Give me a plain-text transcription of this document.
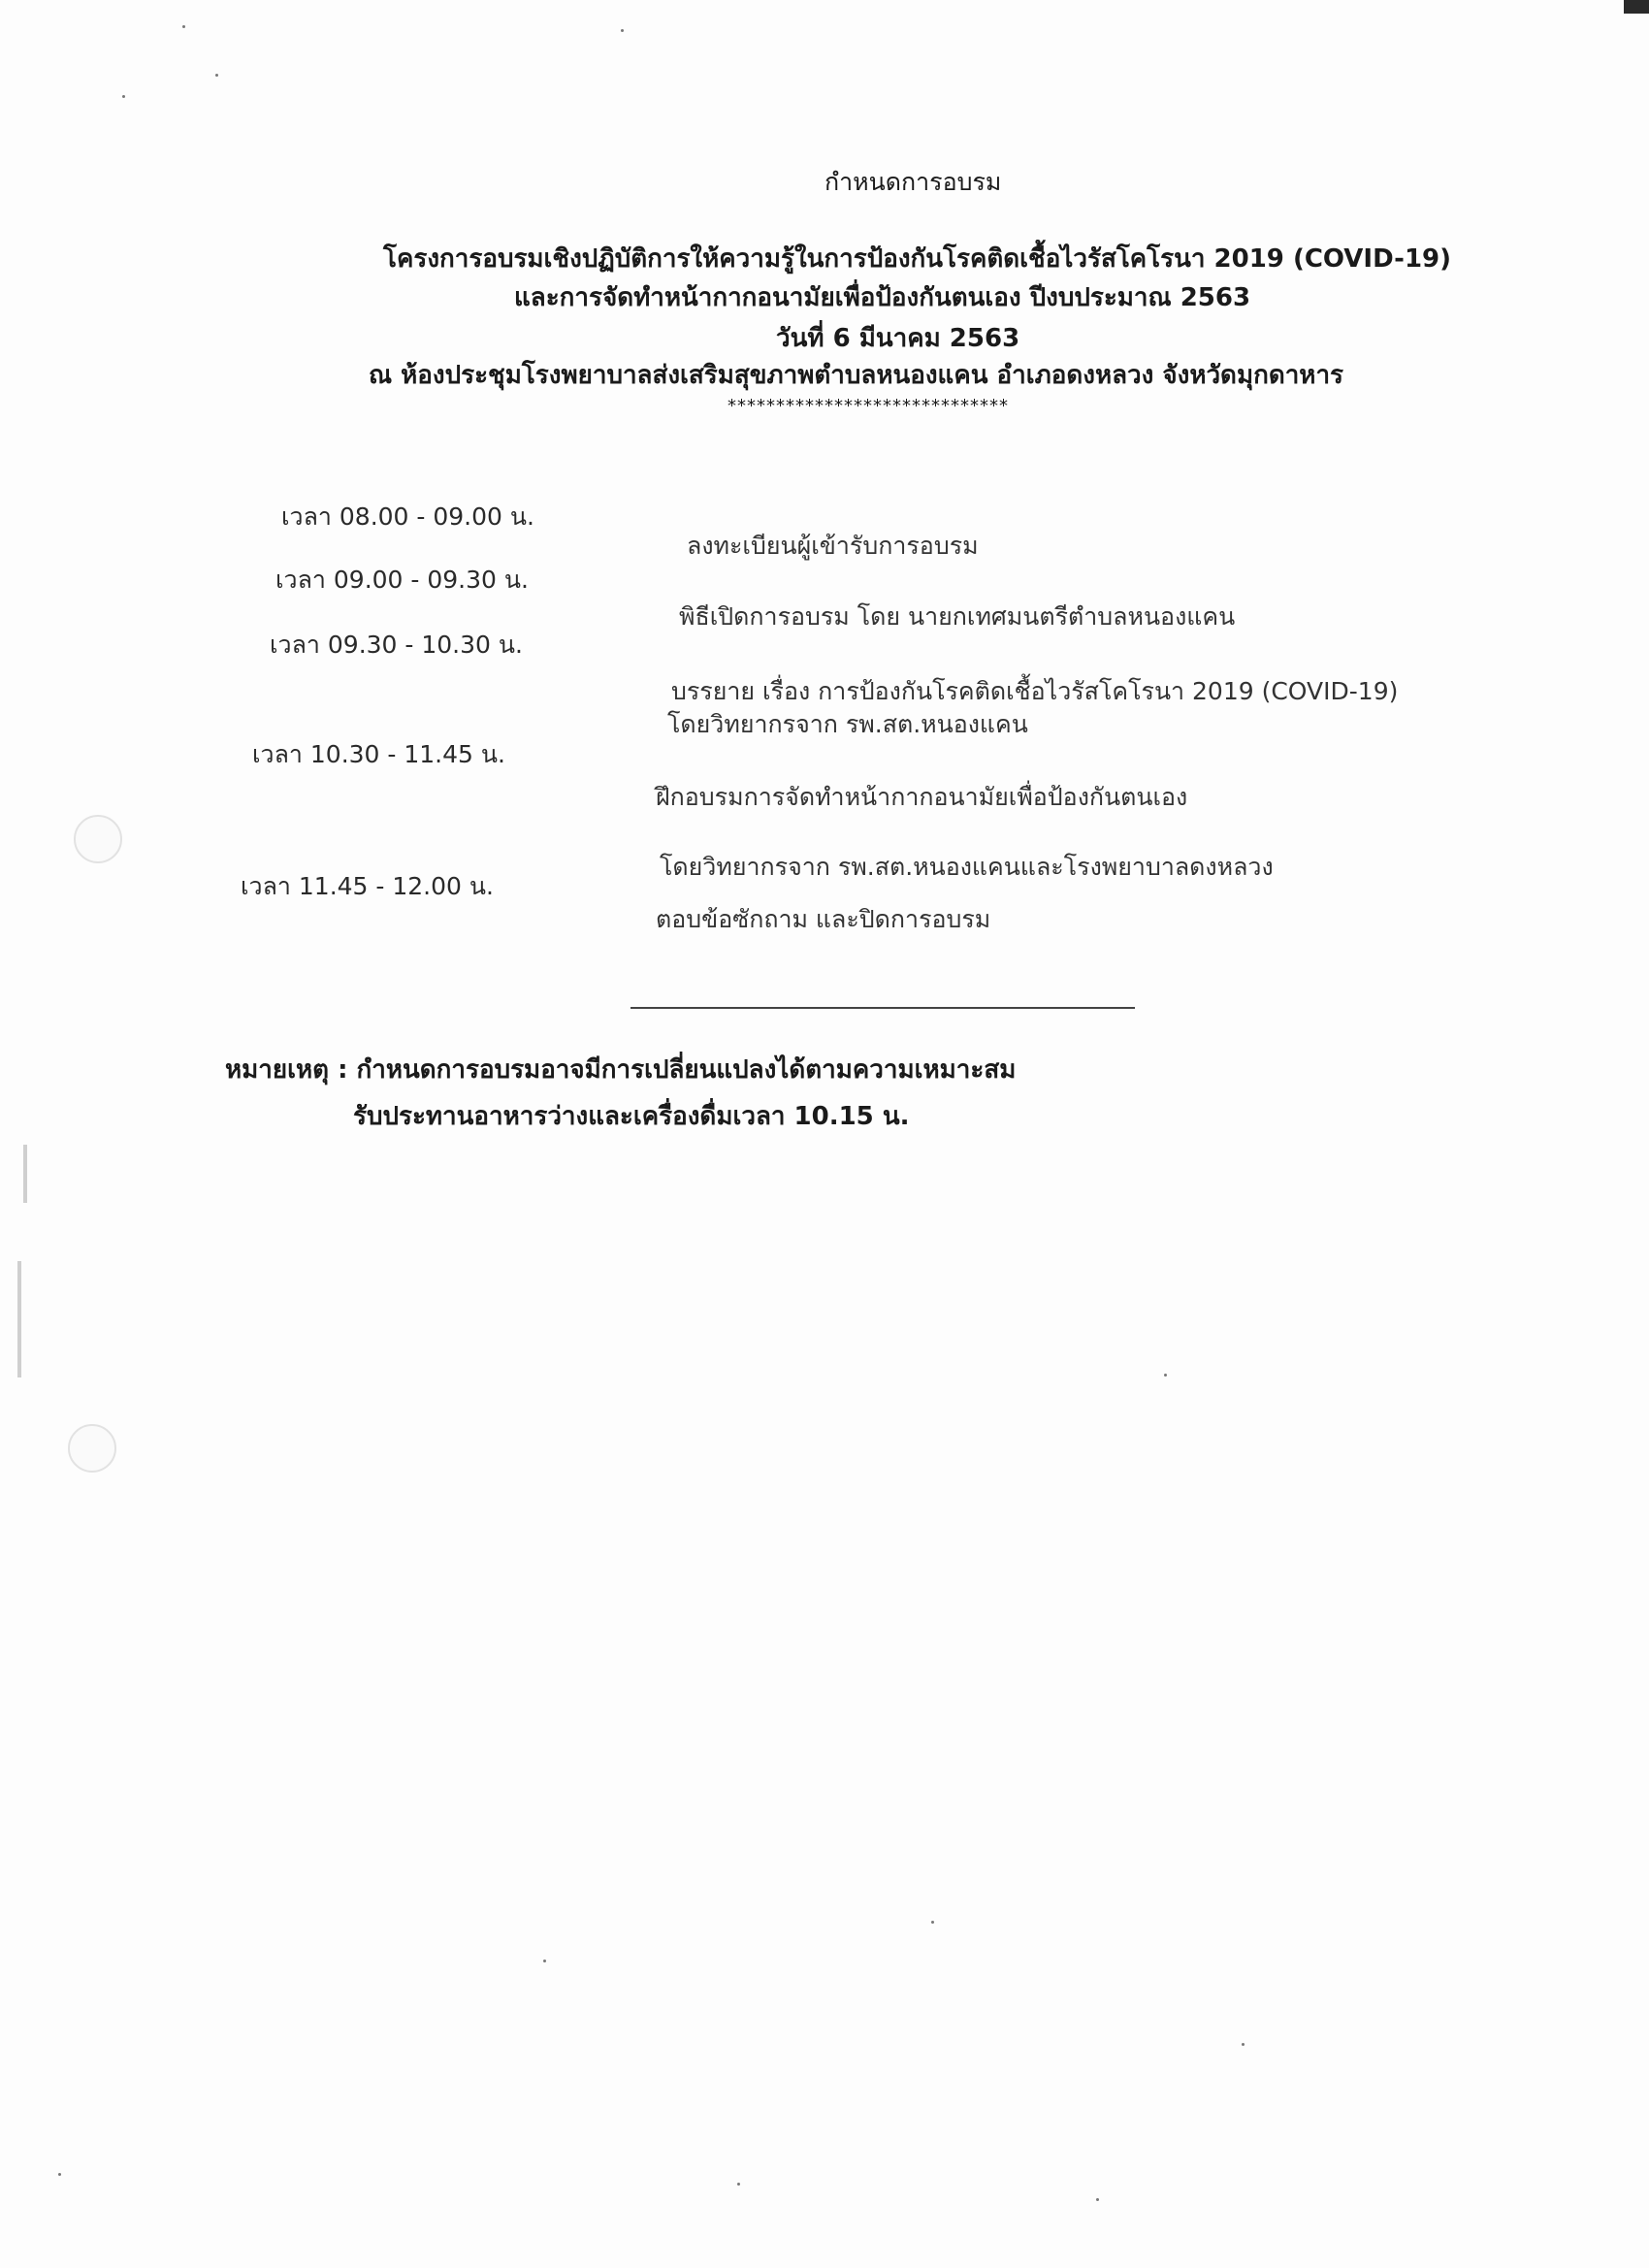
กำหนดการอบรม
โครงการอบรมเชิงปฏิบัติการให้ความรู้ในการป้องกันโรคติดเชื้อไวรัสโคโรนา 2019 (COVID-19)
และการจัดทำหน้ากากอนามัยเพื่อป้องกันตนเอง ปีงบประมาณ 2563
วันที่ 6 มีนาคม 2563
ณ ห้องประชุมโรงพยาบาลส่งเสริมสุขภาพตำบลหนองแคน อำเภอดงหลวง จังหวัดมุกดาหาร
*****************************
เวลา 08.00 - 09.00 น.
ลงทะเบียนผู้เข้ารับการอบรม
เวลา 09.00 - 09.30 น.
พิธีเปิดการอบรม โดย นายกเทศมนตรีตำบลหนองแคน
เวลา 09.30 - 10.30 น.
บรรยาย เรื่อง การป้องกันโรคติดเชื้อไวรัสโคโรนา 2019 (COVID-19)
โดยวิทยากรจาก รพ.สต.หนองแคน
เวลา 10.30 - 11.45 น.
ฝึกอบรมการจัดทำหน้ากากอนามัยเพื่อป้องกันตนเอง
โดยวิทยากรจาก รพ.สต.หนองแคนและโรงพยาบาลดงหลวง
เวลา 11.45 - 12.00 น.
ตอบข้อซักถาม และปิดการอบรม
หมายเหตุ : กำหนดการอบรมอาจมีการเปลี่ยนแปลงได้ตามความเหมาะสม
รับประทานอาหารว่างและเครื่องดื่มเวลา 10.15 น.
